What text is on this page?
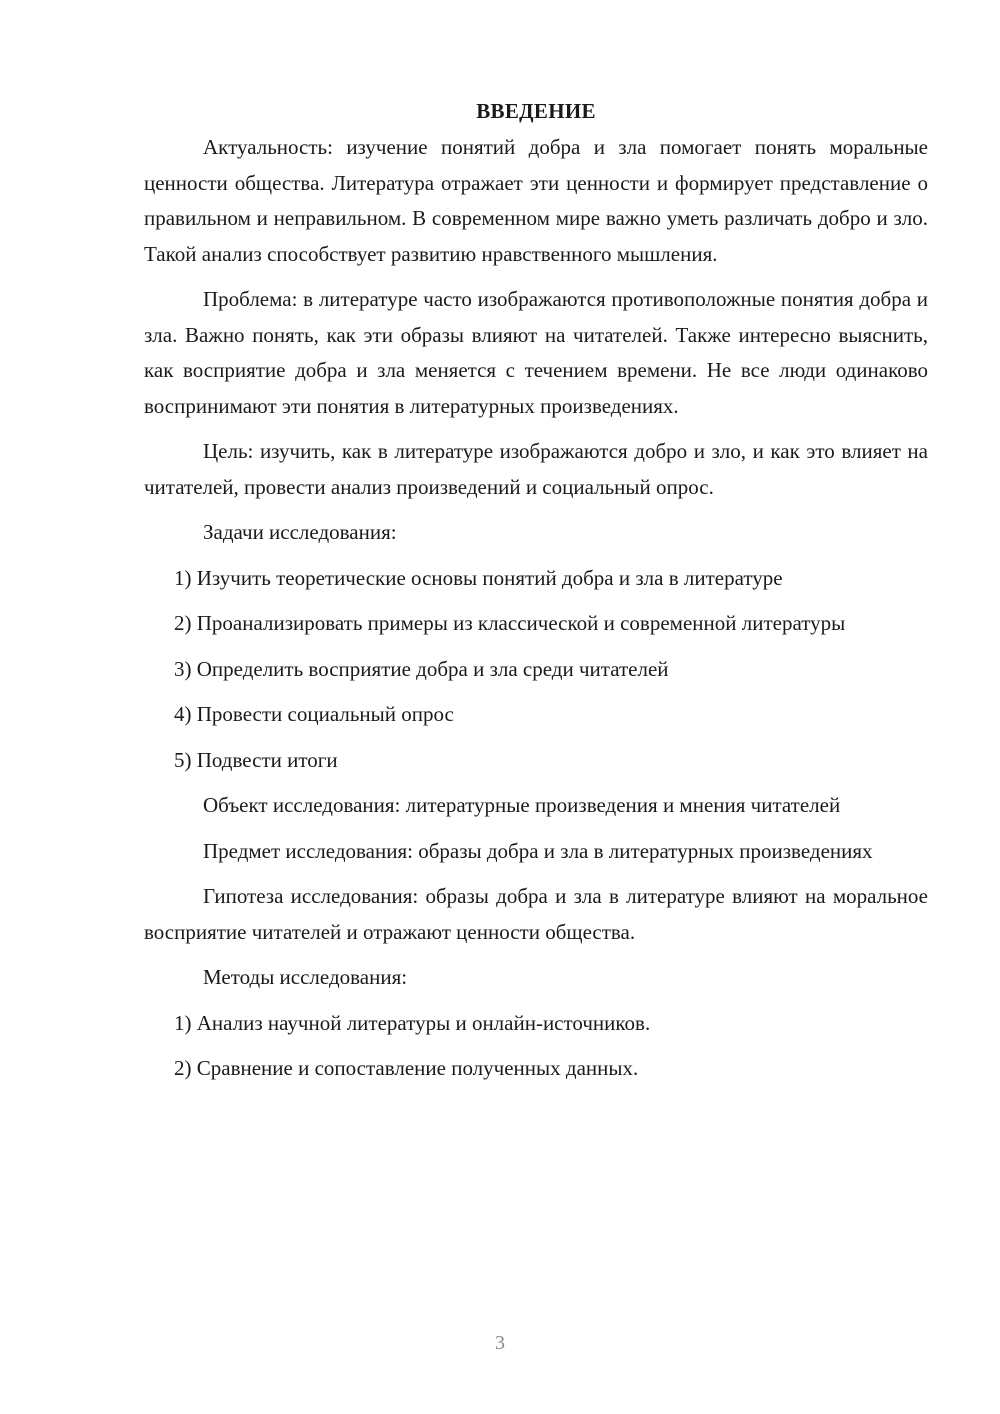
ВВЕДЕНИЕ

Актуальность: изучение понятий добра и зла помогает понять моральные ценности общества. Литература отражает эти ценности и формирует представление о правильном и неправильном. В современном мире важно уметь различать добро и зло. Такой анализ способствует развитию нравственного мышления.

Проблема: в литературе часто изображаются противоположные понятия добра и зла. Важно понять, как эти образы влияют на читателей. Также интересно выяснить, как восприятие добра и зла меняется с течением времени. Не все люди одинаково воспринимают эти понятия в литературных произведениях.

Цель: изучить, как в литературе изображаются добро и зло, и как это влияет на читателей, провести анализ произведений и социальный опрос.

Задачи исследования:

1) Изучить теоретические основы понятий добра и зла в литературе

2) Проанализировать примеры из классической и современной литературы

3) Определить восприятие добра и зла среди читателей

4) Провести социальный опрос

5) Подвести итоги

Объект исследования: литературные произведения и мнения читателей

Предмет исследования: образы добра и зла в литературных произведениях

Гипотеза исследования: образы добра и зла в литературе влияют на моральное восприятие читателей и отражают ценности общества.

Методы исследования:

1) Анализ научной литературы и онлайн-источников.

2) Сравнение и сопоставление полученных данных.

3
